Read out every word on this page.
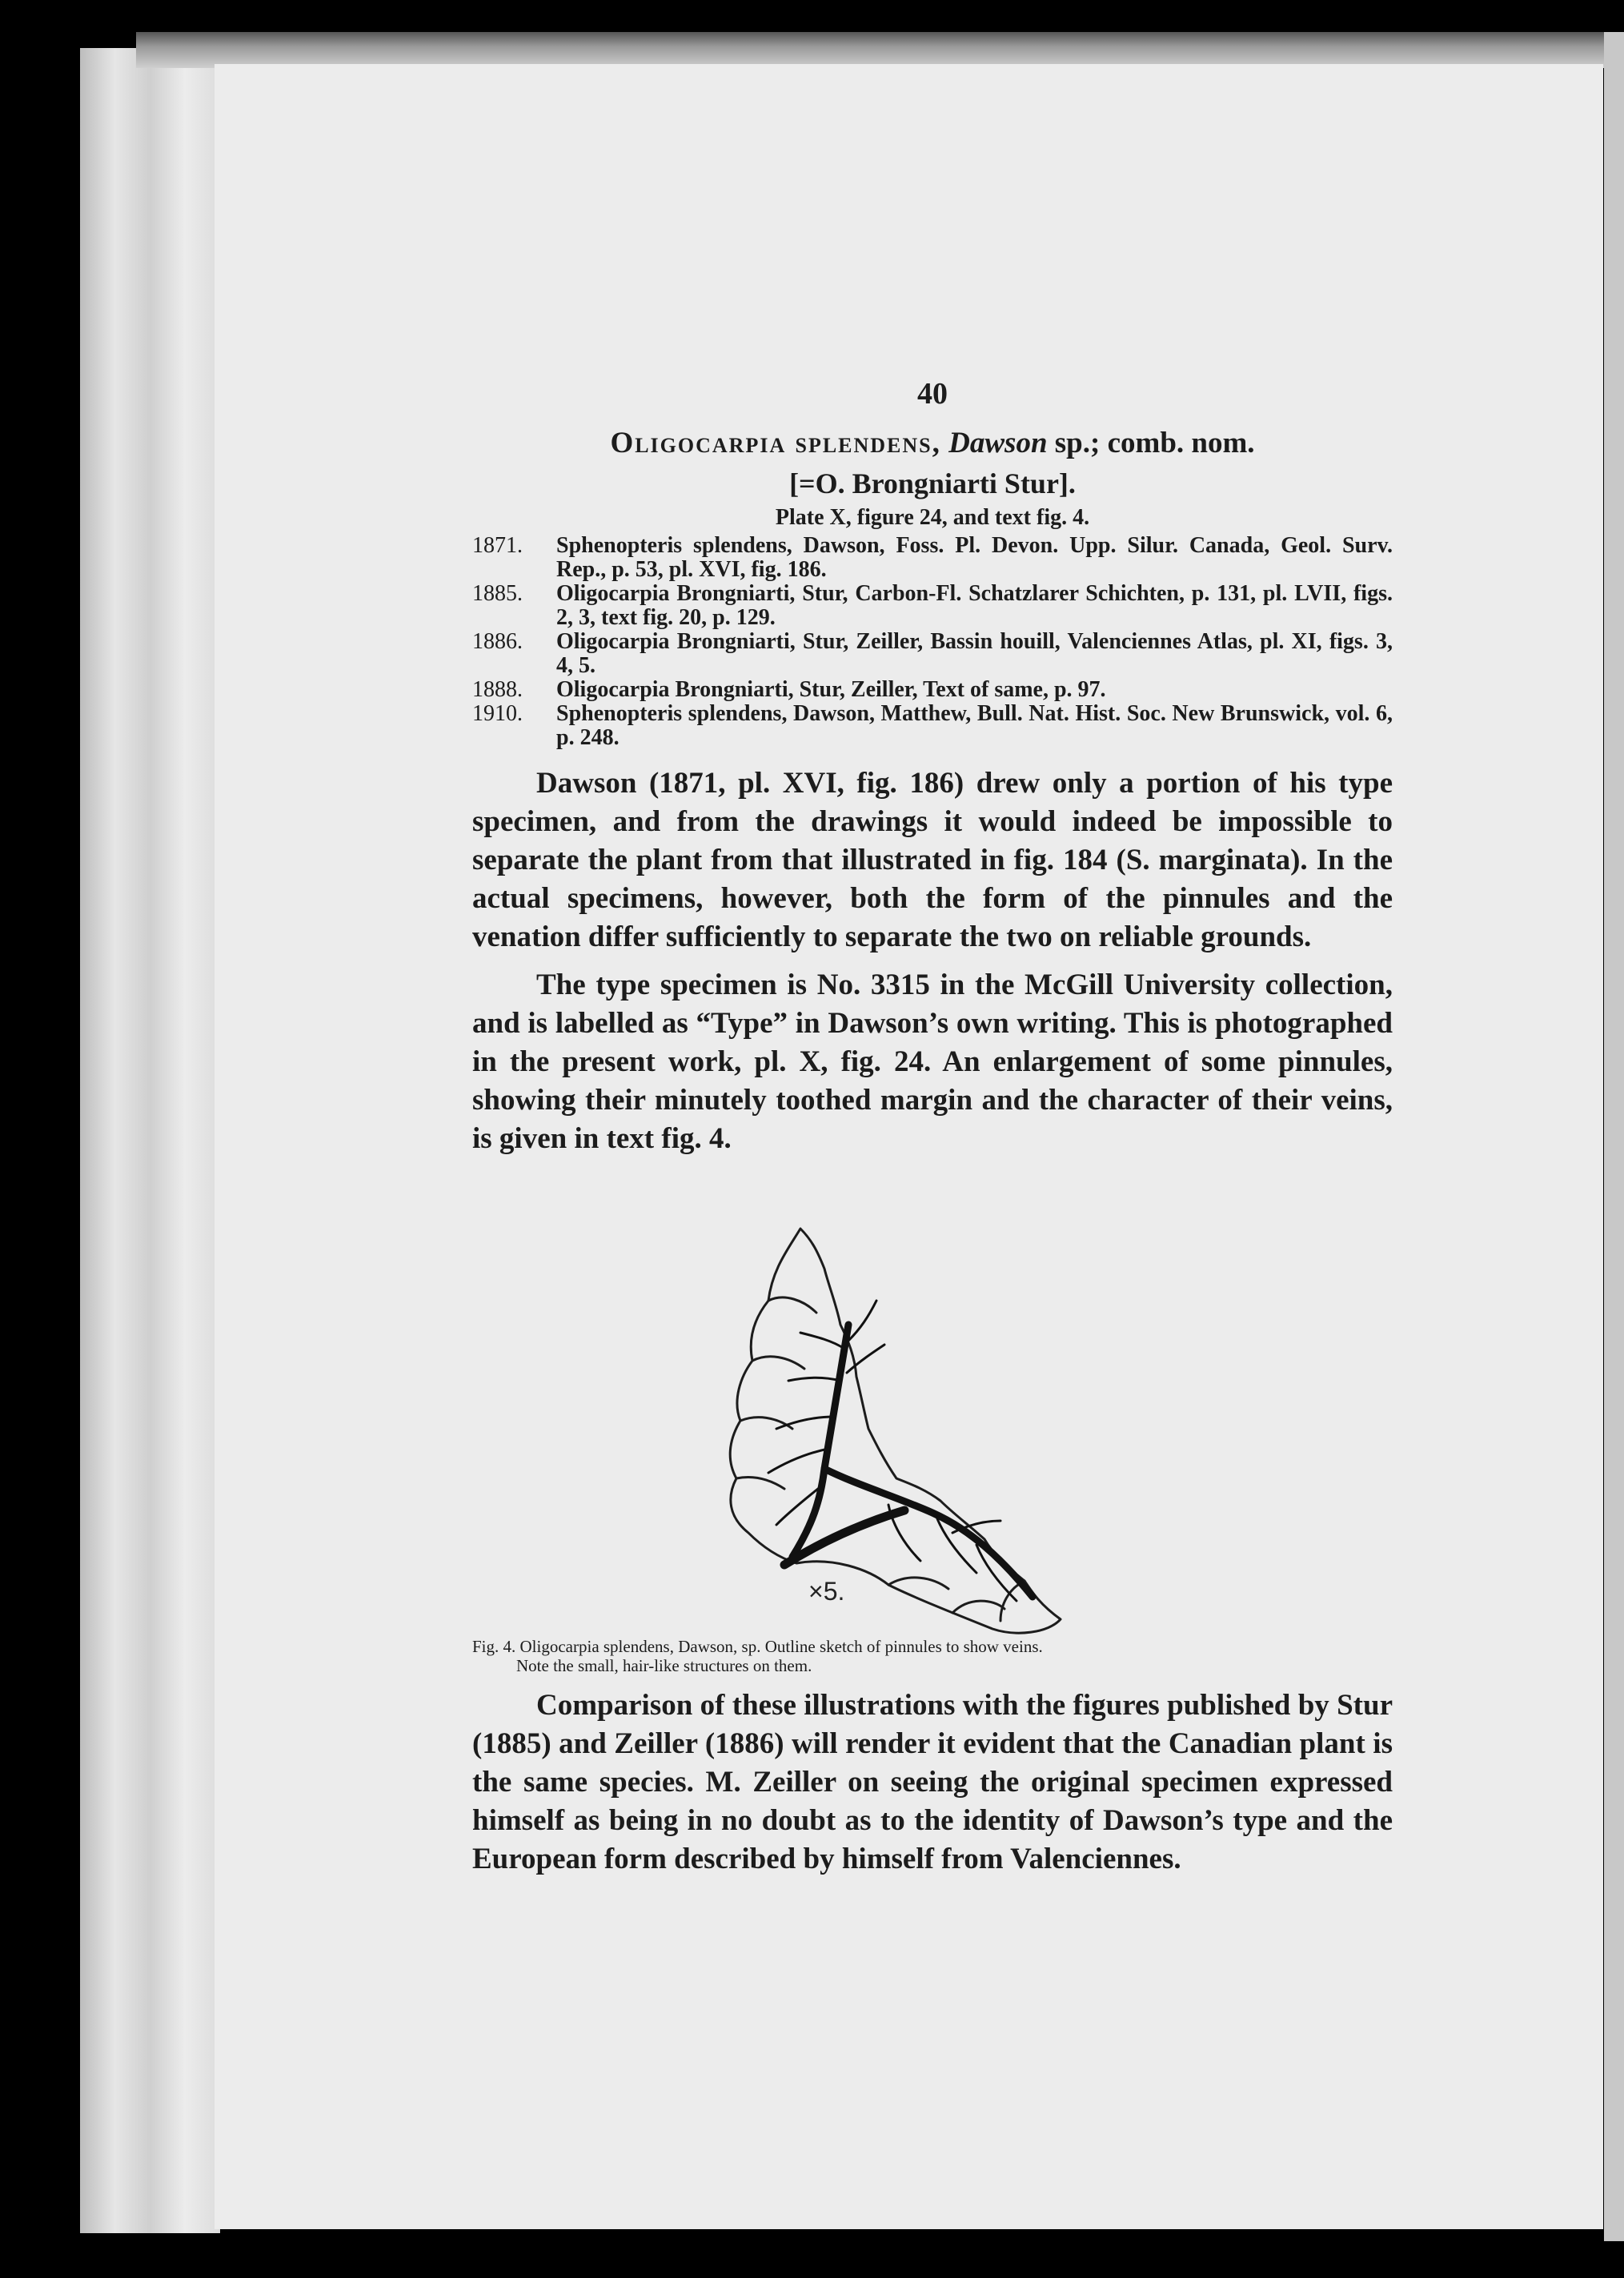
40

Oligocarpia splendens, Dawson sp.; comb. nom.

[=O. Brongniarti Stur].

Plate X, figure 24, and text fig. 4.

1871.	Sphenopteris splendens, Dawson, Foss. Pl. Devon. Upp. Silur. Canada, Geol. Surv. Rep., p. 53, pl. XVI, fig. 186.
1885.	Oligocarpia Brongniarti, Stur, Carbon-Fl. Schatzlarer Schichten, p. 131, pl. LVII, figs. 2, 3, text fig. 20, p. 129.
1886.	Oligocarpia Brongniarti, Stur, Zeiller, Bassin houill, Valenciennes Atlas, pl. XI, figs. 3, 4, 5.
1888.	Oligocarpia Brongniarti, Stur, Zeiller, Text of same, p. 97.
1910.	Sphenopteris splendens, Dawson, Matthew, Bull. Nat. Hist. Soc. New Brunswick, vol. 6, p. 248.

Dawson (1871, pl. XVI, fig. 186) drew only a portion of his type specimen, and from the drawings it would indeed be impossible to separate the plant from that illustrated in fig. 184 (S. marginata). In the actual specimens, however, both the form of the pinnules and the venation differ sufficiently to separate the two on reliable grounds.

The type specimen is No. 3315 in the McGill University collection, and is labelled as “Type” in Dawson’s own writing. This is photographed in the present work, pl. X, fig. 24. An enlargement of some pinnules, showing their minutely toothed margin and the character of their veins, is given in text fig. 4.

×5.

Fig. 4. Oligocarpia splendens, Dawson, sp. Outline sketch of pinnules to show veins.
Note the small, hair-like structures on them.

Comparison of these illustrations with the figures published by Stur (1885) and Zeiller (1886) will render it evident that the Canadian plant is the same species. M. Zeiller on seeing the original specimen expressed himself as being in no doubt as to the identity of Dawson’s type and the European form described by himself from Valenciennes.
